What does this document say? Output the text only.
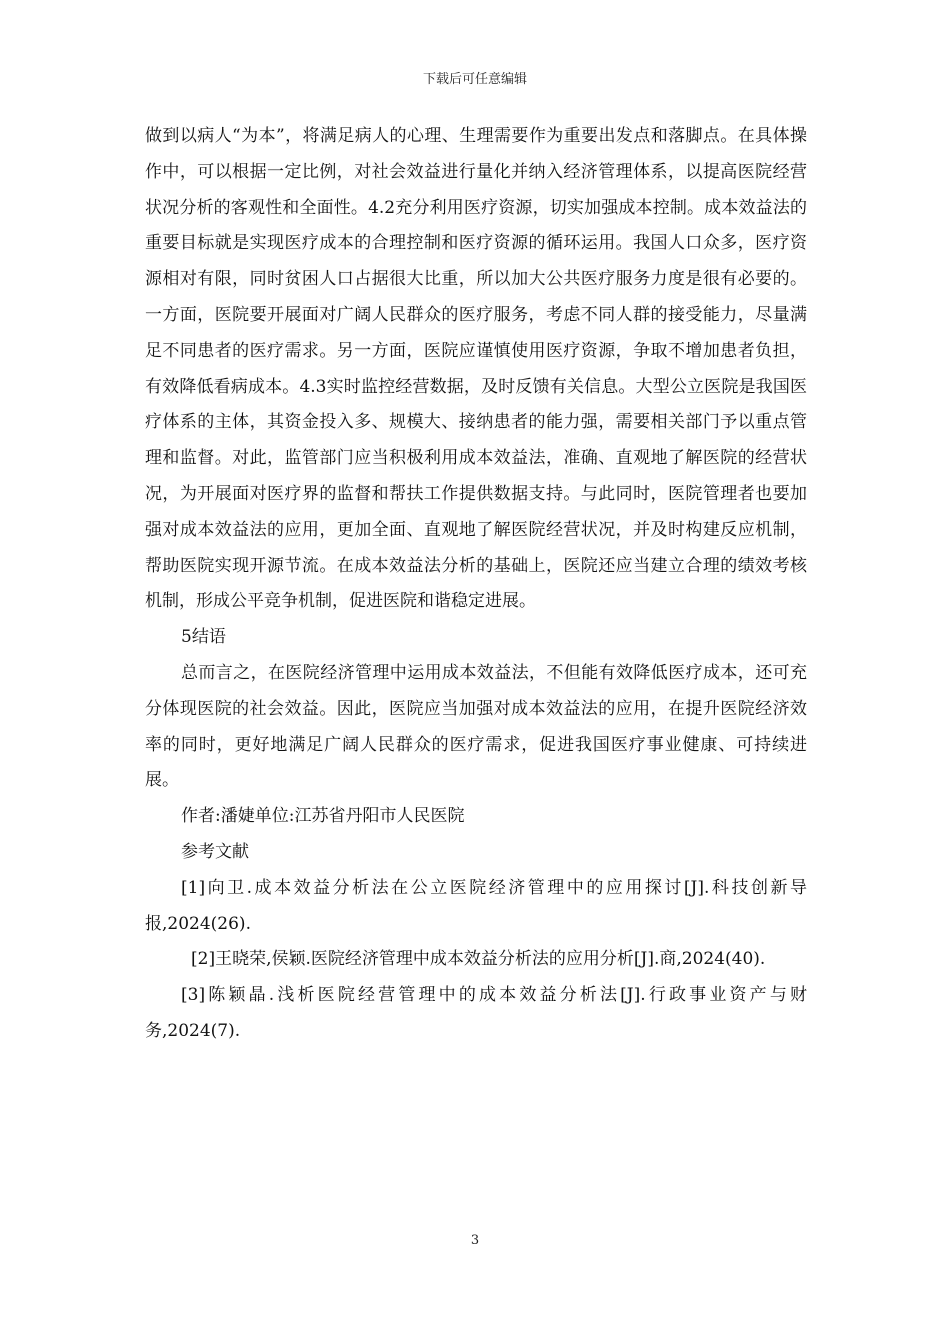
下载后可任意编辑

做到以病人“为本”，将满足病人的心理、生理需要作为重要出发点和落脚点。在具体操作中，可以根据一定比例，对社会效益进行量化并纳入经济管理体系，以提高医院经营状况分析的客观性和全面性。4.2充分利用医疗资源，切实加强成本控制。成本效益法的重要目标就是实现医疗成本的合理控制和医疗资源的循环运用。我国人口众多，医疗资源相对有限，同时贫困人口占据很大比重，所以加大公共医疗服务力度是很有必要的。一方面，医院要开展面对广阔人民群众的医疗服务，考虑不同人群的接受能力，尽量满足不同患者的医疗需求。另一方面，医院应谨慎使用医疗资源，争取不增加患者负担，有效降低看病成本。4.3实时监控经营数据，及时反馈有关信息。大型公立医院是我国医疗体系的主体，其资金投入多、规模大、接纳患者的能力强，需要相关部门予以重点管理和监督。对此，监管部门应当积极利用成本效益法，准确、直观地了解医院的经营状况，为开展面对医疗界的监督和帮扶工作提供数据支持。与此同时，医院管理者也要加强对成本效益法的应用，更加全面、直观地了解医院经营状况，并及时构建反应机制，帮助医院实现开源节流。在成本效益法分析的基础上，医院还应当建立合理的绩效考核机制，形成公平竞争机制，促进医院和谐稳定进展。

5结语

总而言之，在医院经济管理中运用成本效益法，不但能有效降低医疗成本，还可充分体现医院的社会效益。因此，医院应当加强对成本效益法的应用，在提升医院经济效率的同时，更好地满足广阔人民群众的医疗需求，促进我国医疗事业健康、可持续进展。

作者:潘婕单位:江苏省丹阳市人民医院

参考文献

[1]向卫.成本效益分析法在公立医院经济管理中的应用探讨[J].科技创新导报,2024(26).

[2]王晓荣,侯颖.医院经济管理中成本效益分析法的应用分析[J].商,2024(40).

[3]陈颖晶.浅析医院经营管理中的成本效益分析法[J].行政事业资产与财务,2024(7).

3
